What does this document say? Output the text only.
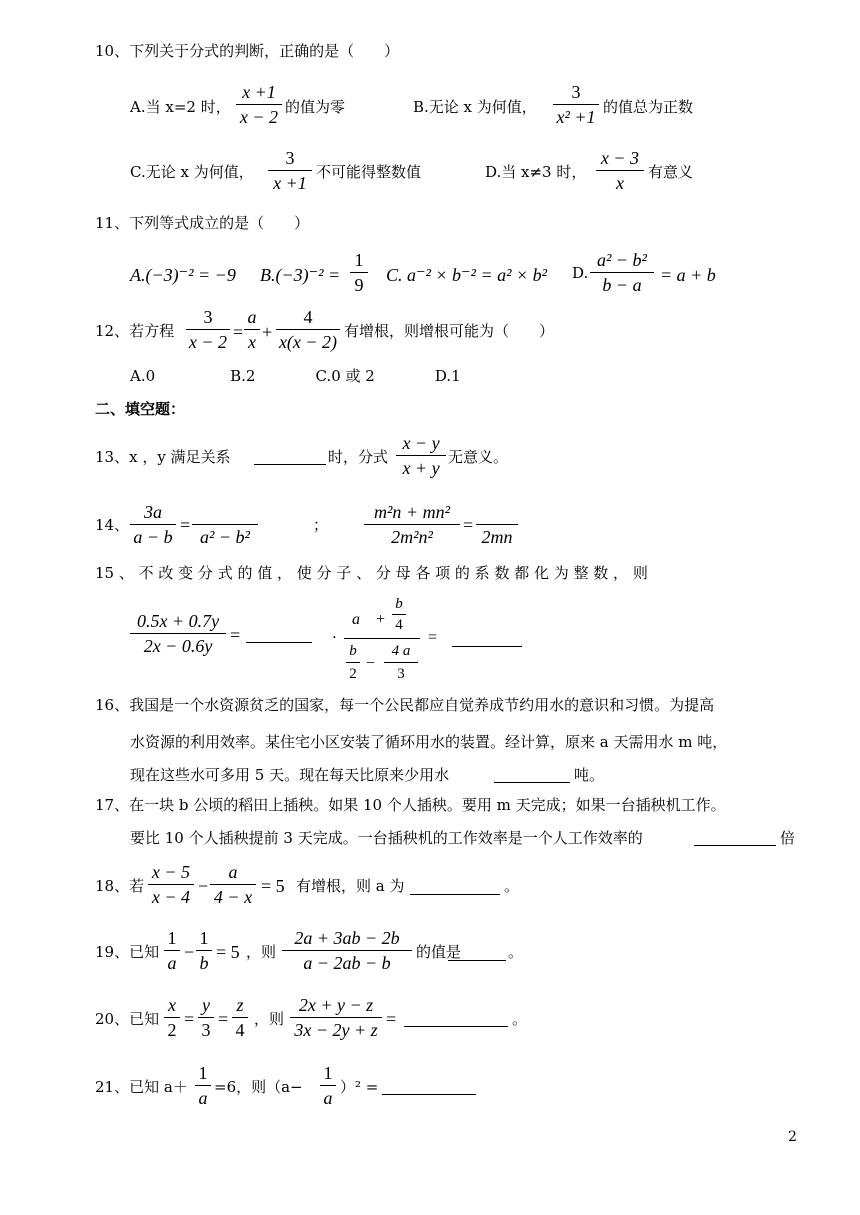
10、下列关于分式的判断，正确的是（　　）
A.当 x=2 时，
x +1
x − 2 的值为零	B.无论 x 为何值，
3
x² +1 的值总为正数
C.无论 x 为何值，
3
x +1
不可能得整数值	D.当 x≠3 时，
x − 3
x
有意义
11、下列等式成立的是（　　）
A.(−3)⁻² = −9 B.(−3)⁻² =
1
9 C. a⁻² × b⁻² = a² × b² D.
a² − b²
b − a	= a + b
12、若方程
3
x − 2 =
a
x +
4
x(x − 2)
有增根，则增根可能为（　　）
A.0　　　　　B.2　　　　C.0 或 2　　　　D.1
二、填空题：
13、x ，y 满足关系	时，分式
x − y
x + y
无意义。
14、
3a
a − b
=

a² − b²
；
m²n + mn²
2m²n²
=

2mn
15 、 不 改 变 分 式 的 值 ， 使 分 子 、 分 母 各 项 的 系 数 都 化 为 整 数 ， 则
0.5x + 0.7y
2x − 0.6y
=	·
a +
b
4
b
2
−
4 a
3
=
16、我国是一个水资源贫乏的国家，每一个公民都应自觉养成节约用水的意识和习惯。为提高
水资源的利用效率。某住宅小区安装了循环用水的装置。经计算，原来 a 天需用水 m 吨，
现在这些水可多用 5 天。现在每天比原来少用水	吨。
17、在一块 b 公顷的稻田上插秧。如果 10 个人插秧。要用 m 天完成；如果一台插秧机工作。
要比 10 个人插秧提前 3 天完成。一台插秧机的工作效率是一个人工作效率的	倍
18、若
x − 5
x − 4
−
a
4 − x
= 5 有增根，则 a 为	。
19、已知
1
a
−
1
b
= 5 ，则
2a + 3ab − 2b
a − 2ab − b
的值是	。
20、已知
x
2
=
y
3
=
z
4
，则
2x + y − z
3x − 2y + z
=	。
21、已知 a＋
1
a
=6，则（a−
1
a
）² =
2
